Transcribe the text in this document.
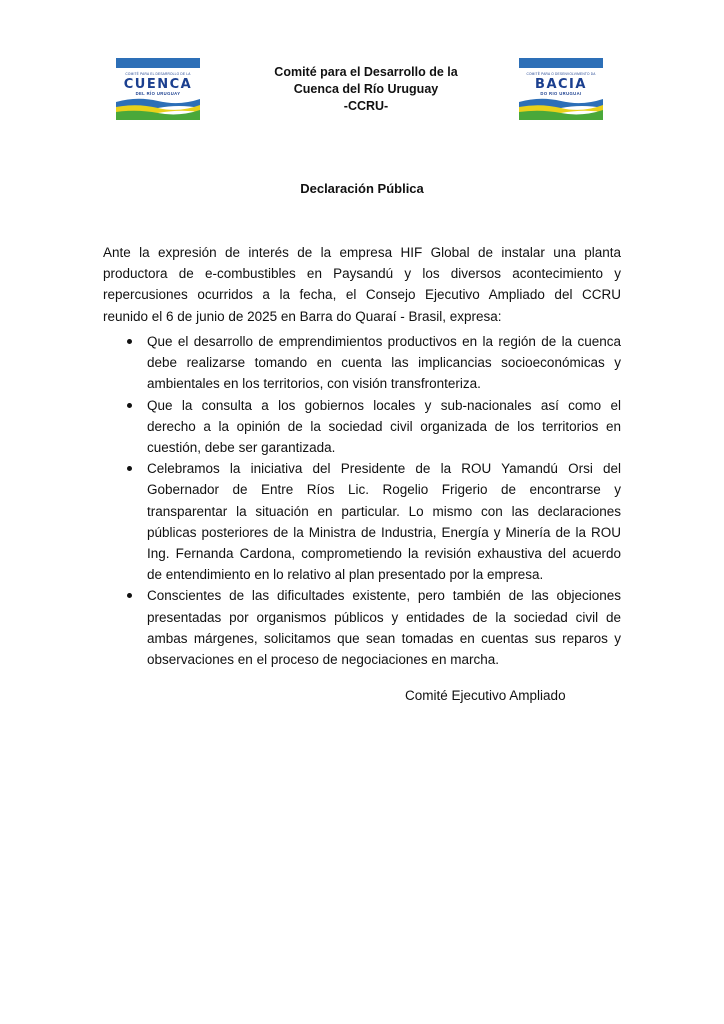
COMITÉ PARA EL DESARROLLO DE LA
CUENCA
DEL RÍO URUGUAY
COMITÊ PARA O DESENVOLVIMENTO DA
BACIA
DO RIO URUGUAI
Comité para el Desarrollo de la
Cuenca del Río Uruguay
-CCRU-
Declaración Pública
Ante la expresión de interés de la empresa HIF Global de instalar una planta
productora de e-combustibles en Paysandú y los diversos acontecimiento y
repercusiones ocurridos a la fecha, el Consejo Ejecutivo Ampliado del CCRU
reunido el 6 de junio de 2025 en Barra do Quaraí - Brasil, expresa:
Que el desarrollo de emprendimientos productivos en la región de la cuenca
debe realizarse tomando en cuenta las implicancias socioeconómicas y
ambientales en los territorios, con visión transfronteriza.
Que la consulta a los gobiernos locales y sub-nacionales así como el
derecho a la opinión de la sociedad civil organizada de los territorios en
cuestión, debe ser garantizada.
Celebramos la iniciativa del Presidente de la ROU Yamandú Orsi del
Gobernador de Entre Ríos Lic. Rogelio Frigerio de encontrarse y
transparentar la situación en particular. Lo mismo con las declaraciones
públicas posteriores de la Ministra de Industria, Energía y Minería de la ROU
Ing. Fernanda Cardona, comprometiendo la revisión exhaustiva del acuerdo
de entendimiento en lo relativo al plan presentado por la empresa.
Conscientes de las dificultades existente, pero también de las objeciones
presentadas por organismos públicos y entidades de la sociedad civil de
ambas márgenes, solicitamos que sean tomadas en cuentas sus reparos y
observaciones en el proceso de negociaciones en marcha.
Comité Ejecutivo Ampliado
